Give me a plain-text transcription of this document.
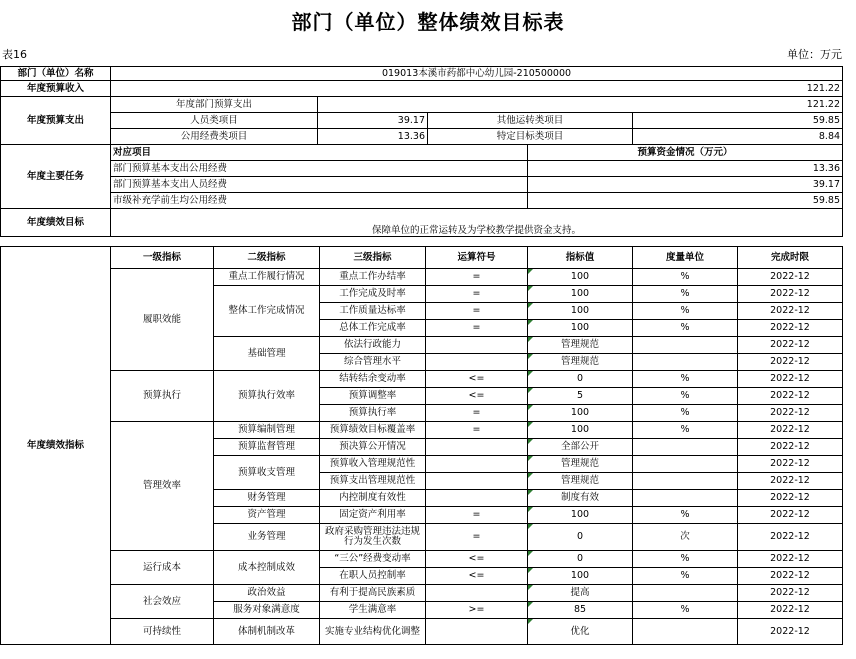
部门（单位）整体绩效目标表
表16	单位：万元
部门（单位）名称	019013本溪市药都中心幼儿园-210500000				
年度预算收入	121.22				
年度预算支出	年度部门预算支出	121.22			
	人员类项目	39.17	其他运转类项目		59.85
	公用经费类项目	13.36	特定目标类项目		8.84
年度主要任务	对应项目			预算资金情况（万元）	
	部门预算基本支出公用经费			13.36	
	部门预算基本支出人员经费			39.17	
	市级补充学前生均公用经费			59.85	
年度绩效目标	保障单位的正常运转及为学校教学提供资金支持。				
年度绩效指标	一级指标	二级指标	三级指标	运算符号	指标值	度量单位	完成时限
	履职效能	重点工作履行情况	重点工作办结率	=	100	%	2022-12
		整体工作完成情况	工作完成及时率	=	100	%	2022-12
			工作质量达标率	=	100	%	2022-12
			总体工作完成率	=	100	%	2022-12
		基础管理	依法行政能力		管理规范		2022-12
			综合管理水平		管理规范		2022-12
	预算执行	预算执行效率	结转结余变动率	<=	0	%	2022-12
			预算调整率	<=	5	%	2022-12
			预算执行率	=	100	%	2022-12
	管理效率	预算编制管理	预算绩效目标覆盖率	=	100	%	2022-12
		预算监督管理	预决算公开情况		全部公开		2022-12
		预算收支管理	预算收入管理规范性		管理规范		2022-12
			预算支出管理规范性		管理规范		2022-12
		财务管理	内控制度有效性		制度有效		2022-12
		资产管理	固定资产利用率	=	100	%	2022-12
		业务管理	政府采购管理违法违规行为发生次数	=	0	次	2022-12

	运行成本	成本控制成效	“三公”经费变动率	<=	0	%	2022-12
			在职人员控制率	<=	100	%	2022-12
	社会效应	政治效益	有利于提高民族素质		提高		2022-12
		服务对象满意度	学生满意率	>=	85	%	2022-12
	可持续性	体制机制改革	实施专业结构优化调整		优化		2022-12
